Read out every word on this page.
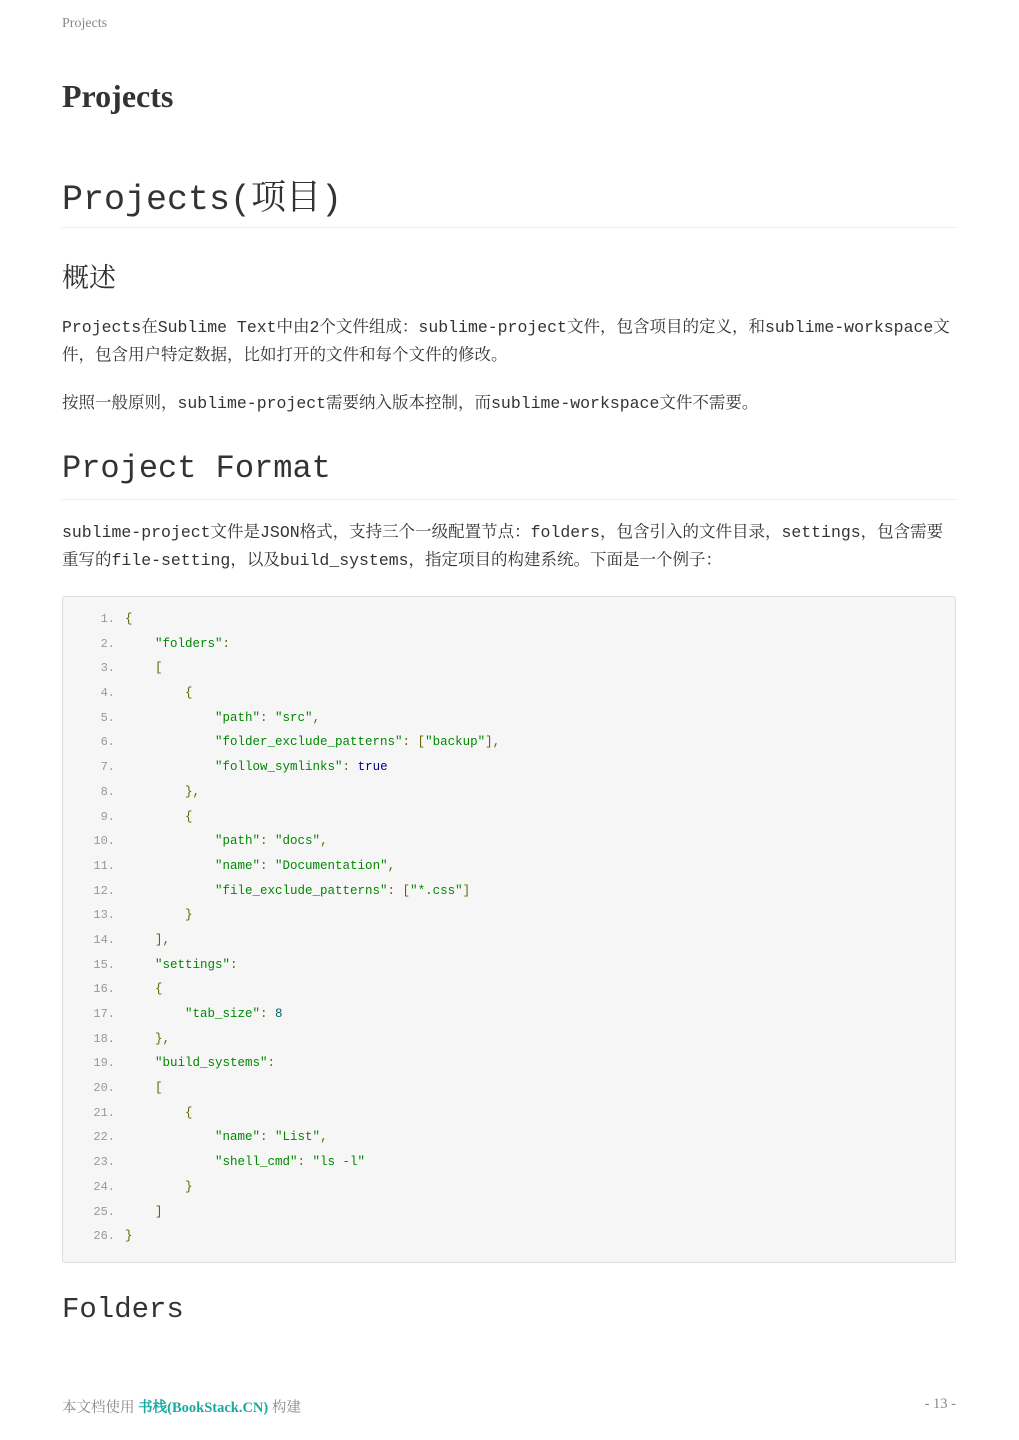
Projects
Projects
Projects(项目)
概述

Projects在Sublime Text中由2个文件组成：sublime-project文件，包含项目的定义，和sublime-workspace文件，包含用户特定数据，比如打开的文件和每个文件的修改。

按照一般原则，sublime-project需要纳入版本控制，而sublime-workspace文件不需要。

Project Format

sublime-project文件是JSON格式，支持三个一级配置节点：folders，包含引入的文件目录，settings，包含需要重写的file-setting，以及build_systems，指定项目的构建系统。下面是一个例子：

1. {
2.	"folders":
3.	[
4.	{
5.	"path": "src",
6.	"folder_exclude_patterns": ["backup"],
7.	"follow_symlinks": true
8.	},
9.	{
10.	"path": "docs",
11.	"name": "Documentation",
12.	"file_exclude_patterns": ["*.css"]
13.	}
14.	],
15.	"settings":
16.	{
17.	"tab_size": 8
18.	},
19.	"build_systems":
20.	[
21.	{
22.	"name": "List",
23.	"shell_cmd": "ls -l"
24.	}
25.	]
26. }
Folders
本文档使用 书栈(BookStack.CN) 构建	- 13 -
